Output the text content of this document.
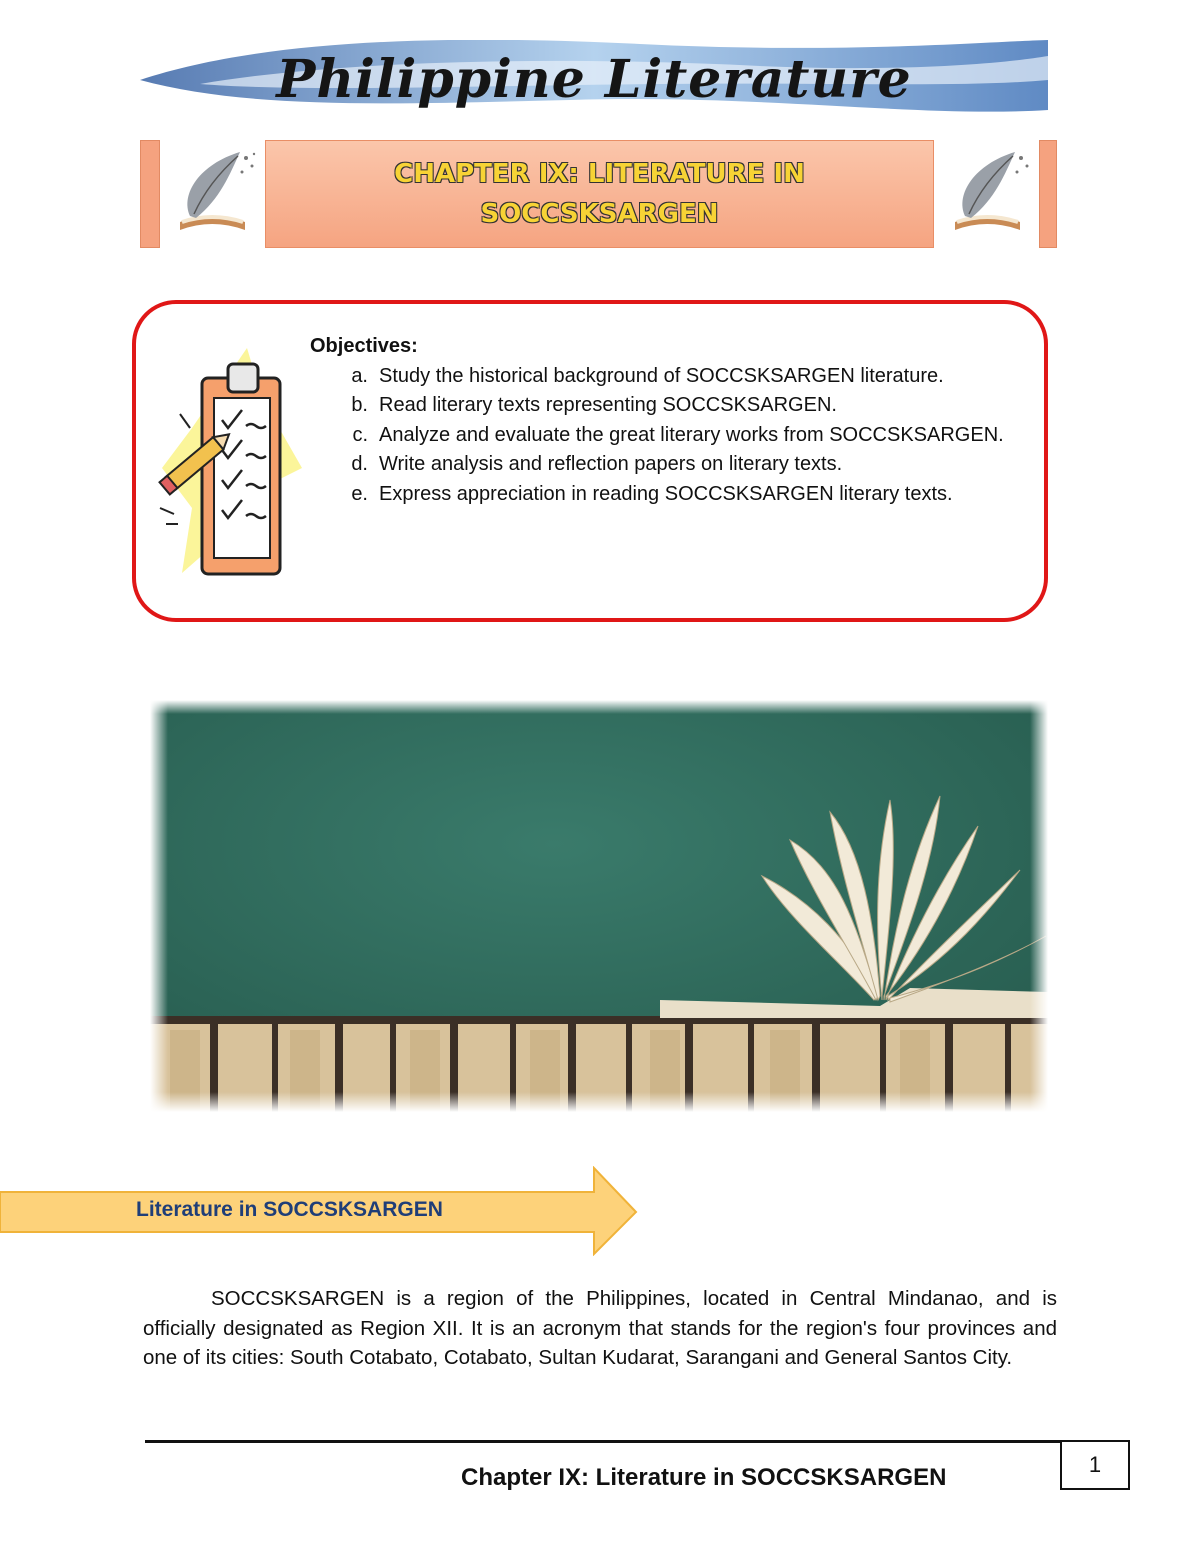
Philippine Literature
CHAPTER IX: LITERATURE IN SOCCSKSARGEN
Objectives:
a. Study the historical background of SOCCSKSARGEN literature.
b. Read literary texts representing SOCCSKSARGEN.
c. Analyze and evaluate the great literary works from SOCCSKSARGEN.
d. Write analysis and reflection papers on literary texts.
e. Express appreciation in reading SOCCSKSARGEN literary texts.
Literature in SOCCSKSARGEN
SOCCSKSARGEN is a region of the Philippines, located in Central Mindanao, and is officially designated as Region XII. It is an acronym that stands for the region's four provinces and one of its cities: South Cotabato, Cotabato, Sultan Kudarat, Sarangani and General Santos City.
Chapter IX: Literature in SOCCSKSARGEN	1
